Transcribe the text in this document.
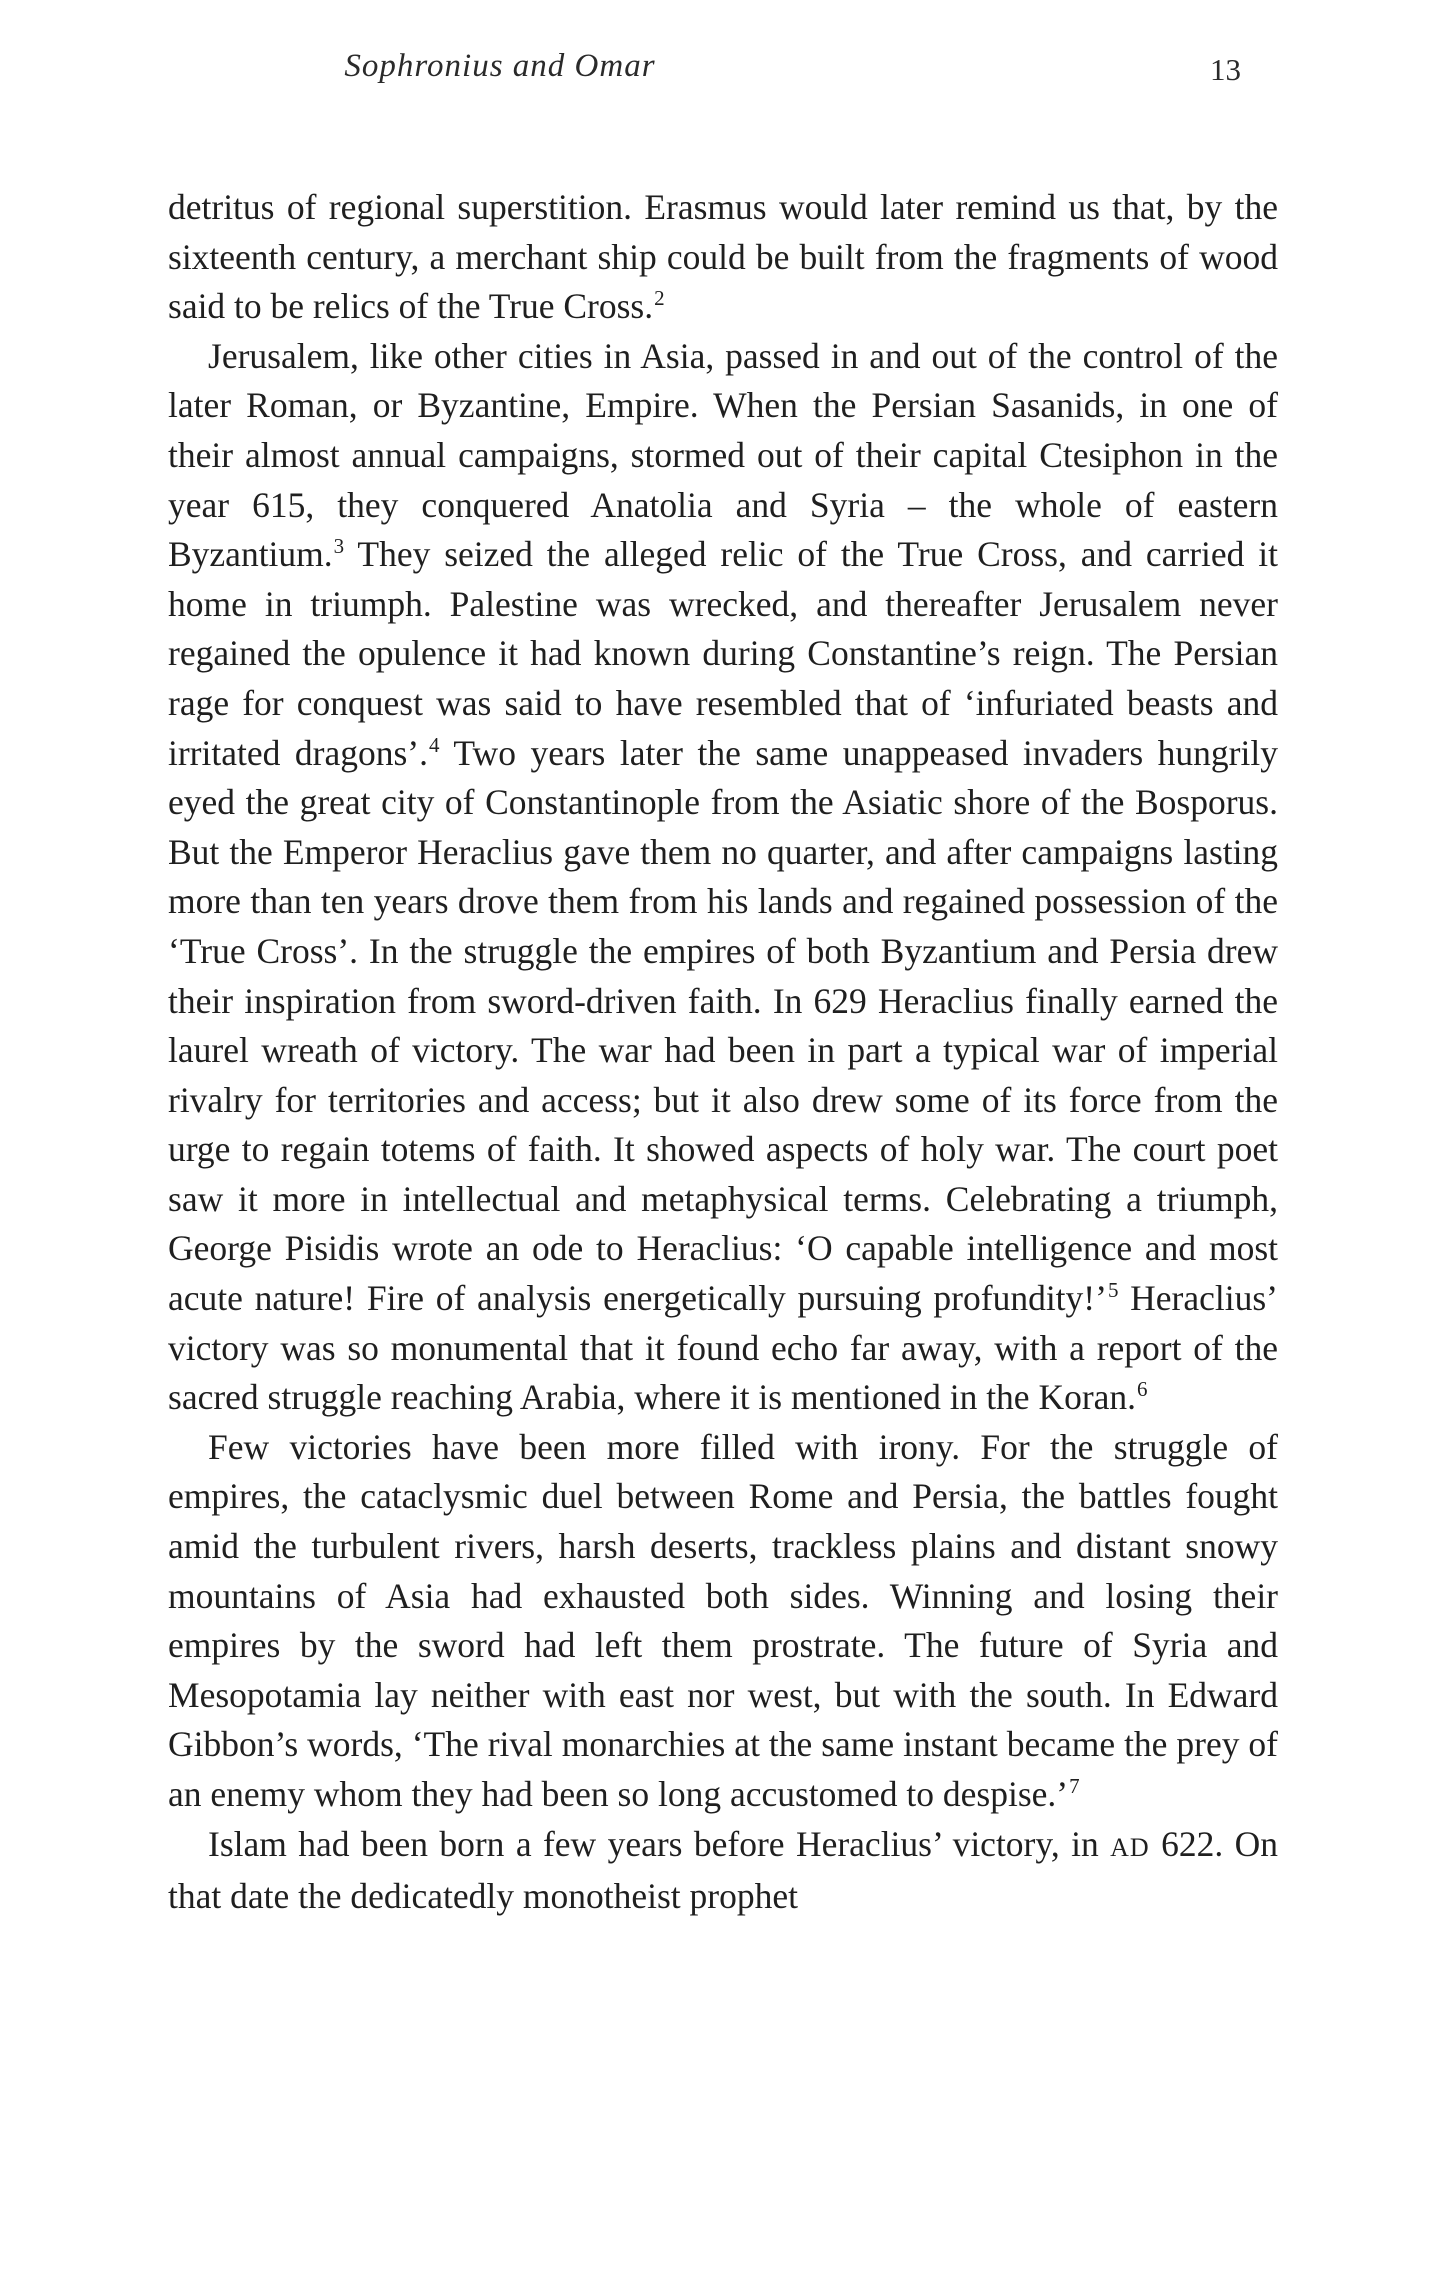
Sophronius and Omar	13

detritus of regional superstition. Erasmus would later remind us that, by the sixteenth century, a merchant ship could be built from the fragments of wood said to be relics of the True Cross.$^2$

Jerusalem, like other cities in Asia, passed in and out of the control of the later Roman, or Byzantine, Empire. When the Persian Sasanids, in one of their almost annual campaigns, stormed out of their capital Ctesiphon in the year 615, they conquered Anatolia and Syria – the whole of eastern Byzantium.$^3$ They seized the alleged relic of the True Cross, and carried it home in triumph. Palestine was wrecked, and thereafter Jerusalem never regained the opulence it had known during Constantine’s reign. The Persian rage for conquest was said to have resembled that of ‘infuriated beasts and irritated dragons’.$^4$ Two years later the same unappeased invaders hungrily eyed the great city of Constantinople from the Asiatic shore of the Bosporus. But the Emperor Heraclius gave them no quarter, and after campaigns lasting more than ten years drove them from his lands and regained possession of the ‘True Cross’. In the struggle the empires of both Byzantium and Persia drew their inspiration from sword-driven faith. In 629 Heraclius finally earned the laurel wreath of victory. The war had been in part a typical war of imperial rivalry for territories and access; but it also drew some of its force from the urge to regain totems of faith. It showed aspects of holy war. The court poet saw it more in intellectual and metaphysical terms. Celebrating a triumph, George Pisidis wrote an ode to Heraclius: ‘O capable intelligence and most acute nature! Fire of analysis energetically pursuing profundity!’$^5$ Heraclius’ victory was so monumental that it found echo far away, with a report of the sacred struggle reaching Arabia, where it is mentioned in the Koran.$^6$

Few victories have been more filled with irony. For the struggle of empires, the cataclysmic duel between Rome and Persia, the battles fought amid the turbulent rivers, harsh deserts, trackless plains and distant snowy mountains of Asia had exhausted both sides. Winning and losing their empires by the sword had left them prostrate. The future of Syria and Mesopotamia lay neither with east nor west, but with the south. In Edward Gibbon’s words, ‘The rival monarchies at the same instant became the prey of an enemy whom they had been so long accustomed to despise.’$^7$

Islam had been born a few years before Heraclius’ victory, in AD 622. On that date the dedicatedly monotheist prophet
